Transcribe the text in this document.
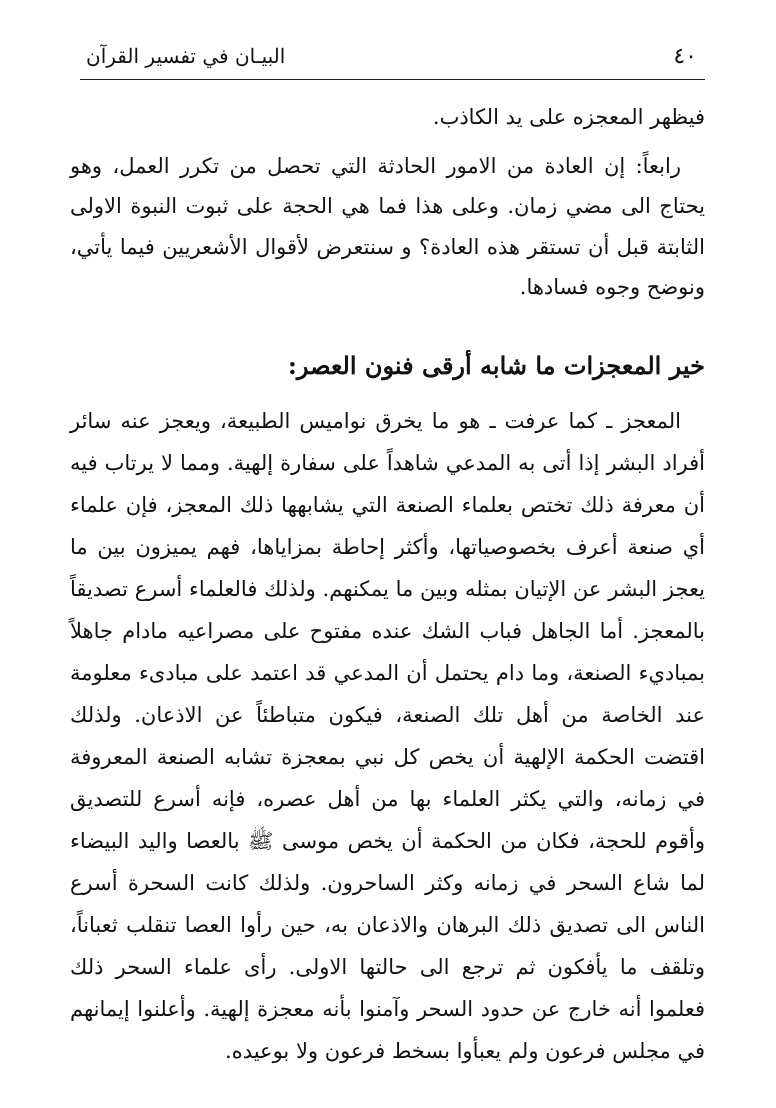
٤٠
البيـان في تفسير القرآن

فيظهر المعجزه على يد الكاذب.

رابعاً: إن العادة من الامور الحادثة التي تحصل من تكرر العمل، وهو يحتاج الى مضي زمان. وعلى هذا فما هي الحجة على ثبوت النبوة الاولى الثابتة قبل أن تستقر هذه العادة؟ و سنتعرض لأقوال الأشعريين فيما يأتي، ونوضح وجوه فسادها.

خير المعجزات ما شابه أرقى فنون العصر:

المعجز ـ كما عرفت ـ هو ما يخرق نواميس الطبيعة، ويعجز عنه سائر أفراد البشر إذا أتى به المدعي شاهداً على سفارة إلهية. ومما لا يرتاب فيه أن معرفة ذلك تختص بعلماء الصنعة التي يشابهها ذلك المعجز، فإن علماء أي صنعة أعرف بخصوصياتها، وأكثر إحاطة بمزاياها، فهم يميزون بين ما يعجز البشر عن الإتيان بمثله وبين ما يمكنهم. ولذلك فالعلماء أسرع تصديقاً بالمعجز. أما الجاهل فباب الشك عنده مفتوح على مصراعيه مادام جاهلاً بمباديء الصنعة، وما دام يحتمل أن المدعي قد اعتمد على مبادىء معلومة عند الخاصة من أهل تلك الصنعة، فيكون متباطئاً عن الاذعان. ولذلك اقتضت الحكمة الإلهية أن يخص كل نبي بمعجزة تشابه الصنعة المعروفة في زمانه، والتي يكثر العلماء بها من أهل عصره، فإنه أسرع للتصديق وأقوم للحجة، فكان من الحكمة أن يخص موسى ﷺ بالعصا واليد البيضاء لما شاع السحر في زمانه وكثر الساحرون. ولذلك كانت السحرة أسرع الناس الى تصديق ذلك البرهان والاذعان به، حين رأوا العصا تنقلب ثعباناً، وتلقف ما يأفكون ثم ترجع الى حالتها الاولى. رأى علماء السحر ذلك فعلموا أنه خارج عن حدود السحر وآمنوا بأنه معجزة إلهية. وأعلنوا إيمانهم في مجلس فرعون ولم يعبأوا بسخط فرعون ولا بوعيده.
